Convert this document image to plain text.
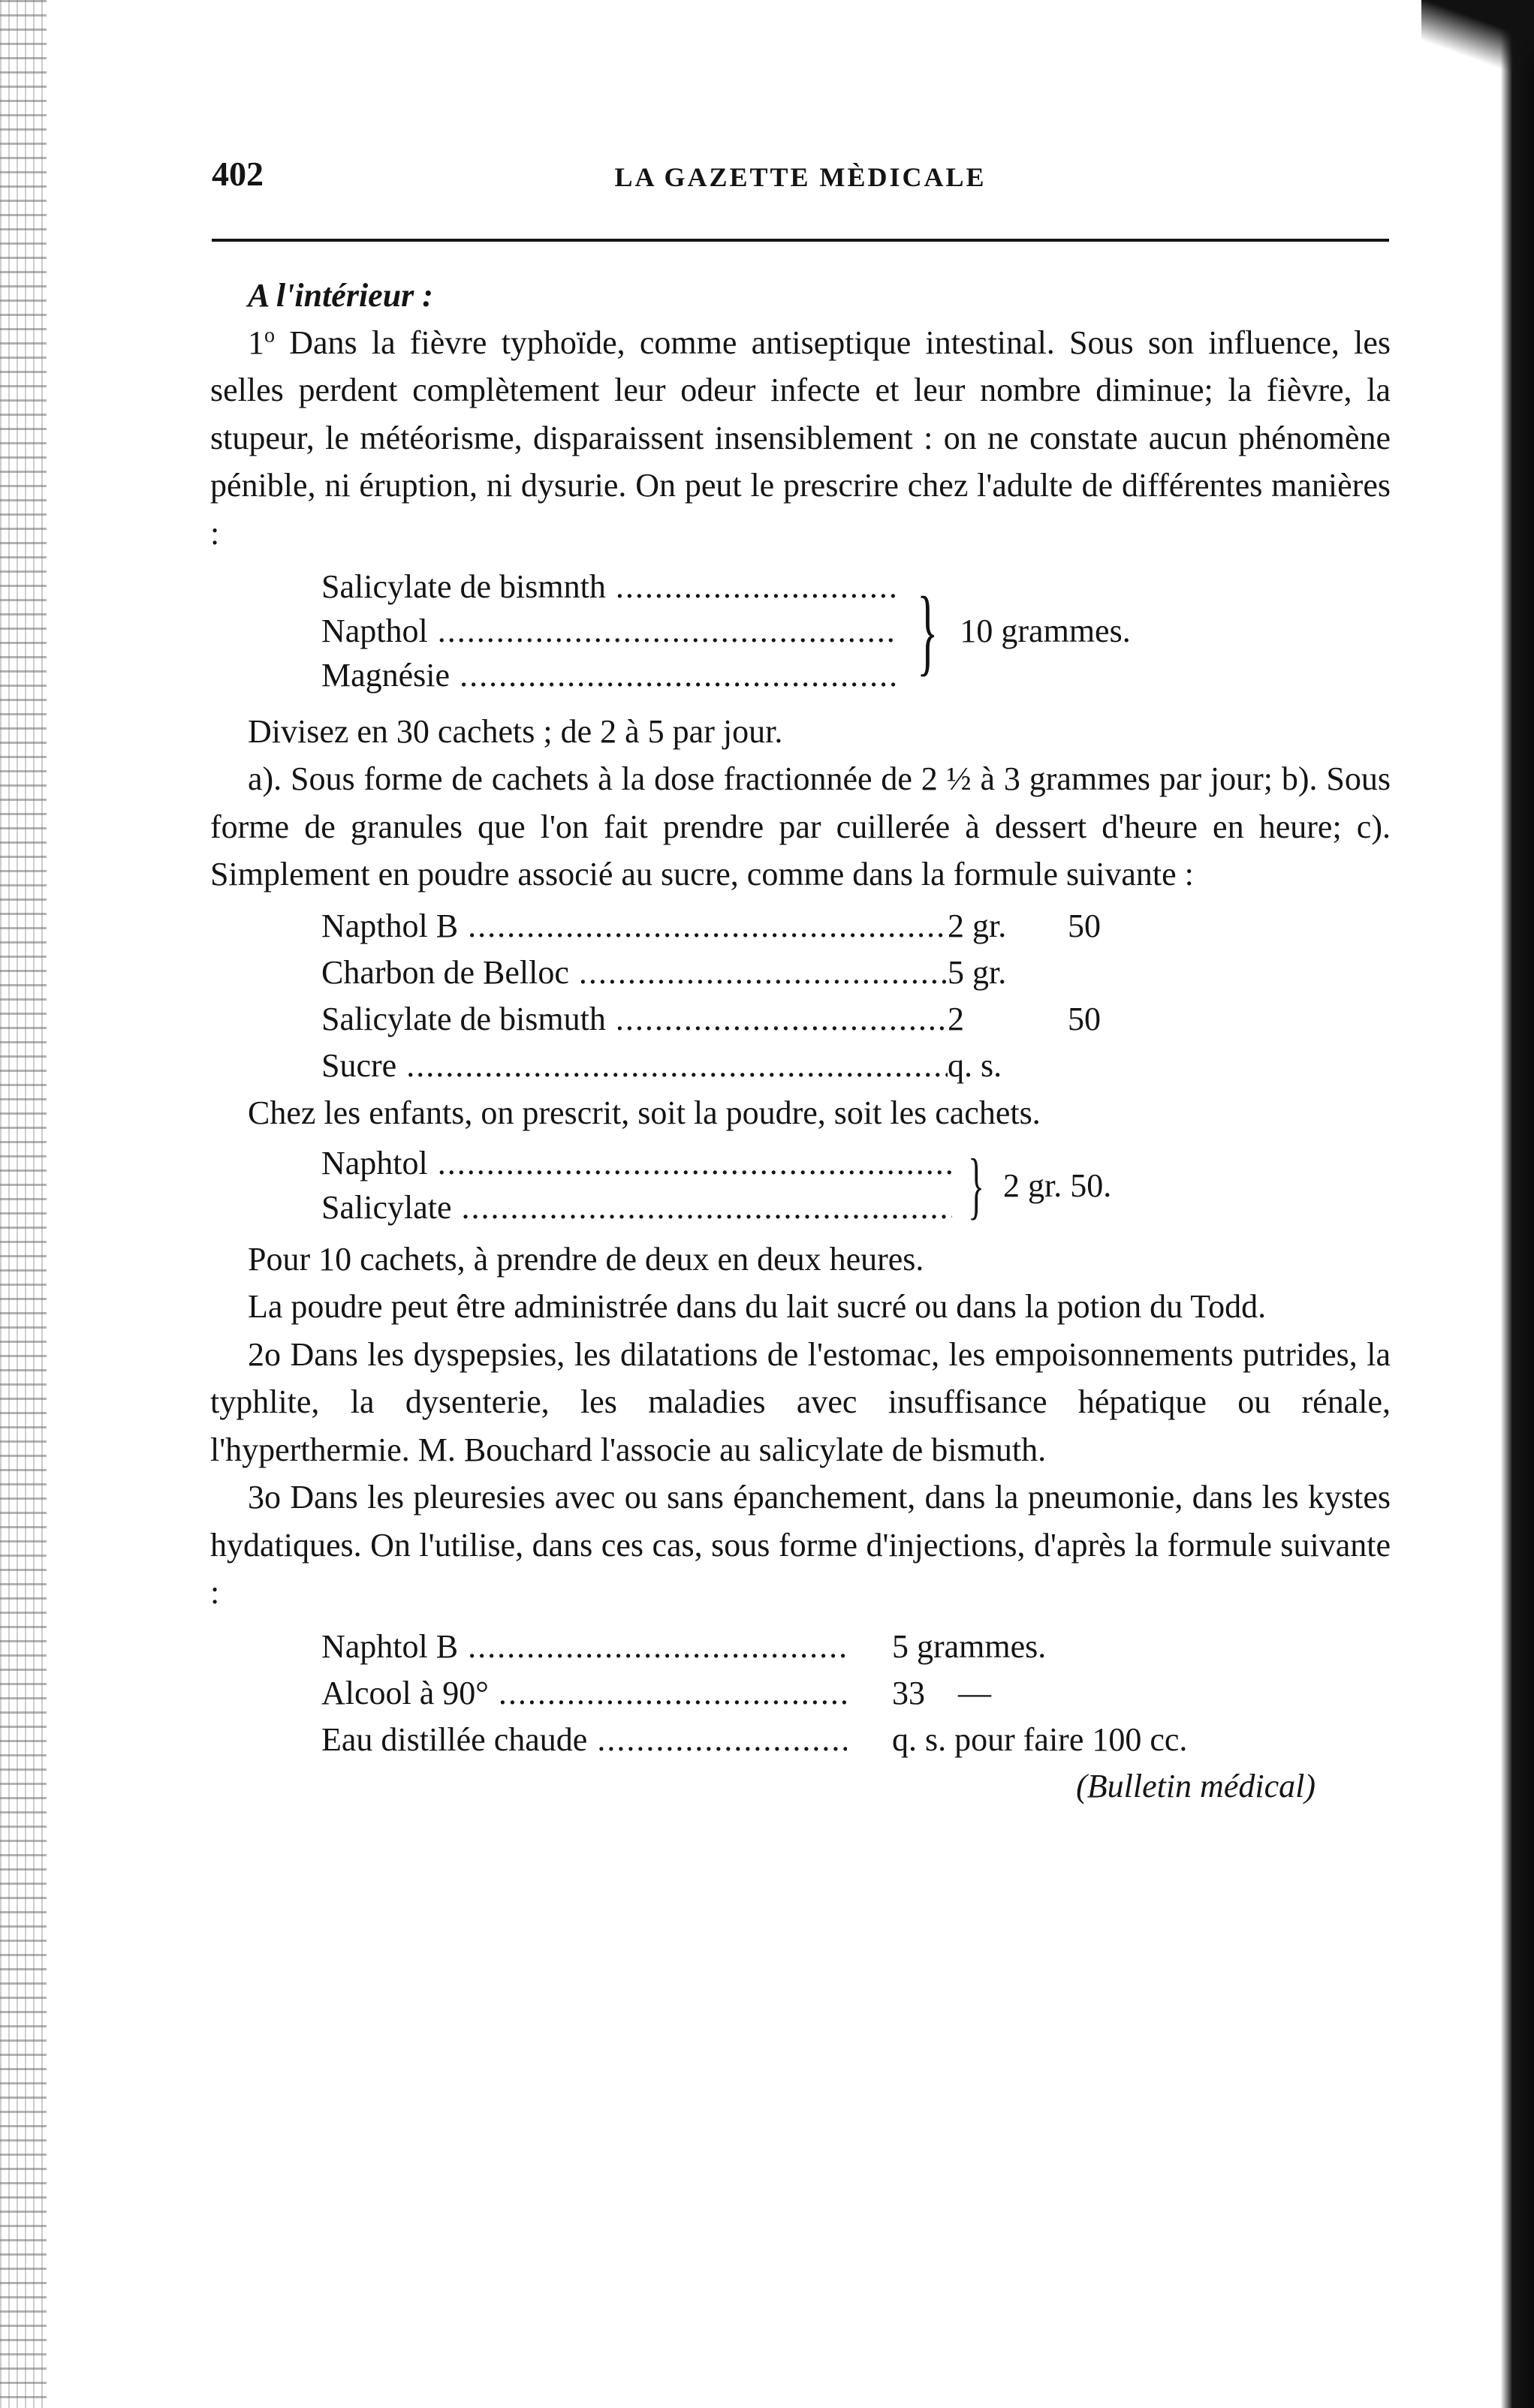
402	LA GAZETTE MÈDICALE

A l'intérieur :

1$^o$ Dans la fièvre typhoïde, comme antiseptique intestinal. Sous son influence, les selles perdent complètement leur odeur infecte et leur nombre diminue; la fièvre, la stupeur, le météorisme, disparaissent insensiblement : on ne constate aucun phénomène pénible, ni éruption, ni dysurie. On peut le prescrire chez l'adulte de différentes manières :

Salicylate de bismnth .....
Napthol .....
Magnésie .....	} 10 grammes.

Divisez en 30 cachets ; de 2 à 5 par jour.

a). Sous forme de cachets à la dose fractionnée de 2 ½ à 3 grammes par jour; b). Sous forme de granules que l'on fait prendre par cuillerée à dessert d'heure en heure; c). Simplement en poudre associé au sucre, comme dans la formule suivante :

Napthol B .....	2 gr.	50
Charbon de Belloc .....	5 gr.
Salicylate de bismuth .....	2	50
Sucre .....	q. s.

Chez les enfants, on prescrit, soit la poudre, soit les cachets.

Naphtol .....
Salicylate .....	} 2 gr. 50.

Pour 10 cachets, à prendre de deux en deux heures.

La poudre peut être administrée dans du lait sucré ou dans la potion du Todd.

2o Dans les dyspepsies, les dilatations de l'estomac, les empoisonnements putrides, la typhlite, la dysenterie, les maladies avec insuffisance hépatique ou rénale, l'hyperthermie. M. Bouchard l'associe au salicylate de bismuth.

3o Dans les pleuresies avec ou sans épanchement, dans la pneumonie, dans les kystes hydatiques. On l'utilise, dans ces cas, sous forme d'injections, d'après la formule suivante :

Naphtol B .....	5 grammes.
Alcool à 90° .....	33    —
Eau distillée chaude .....	q. s. pour faire 100 cc.
(Bulletin médical)
